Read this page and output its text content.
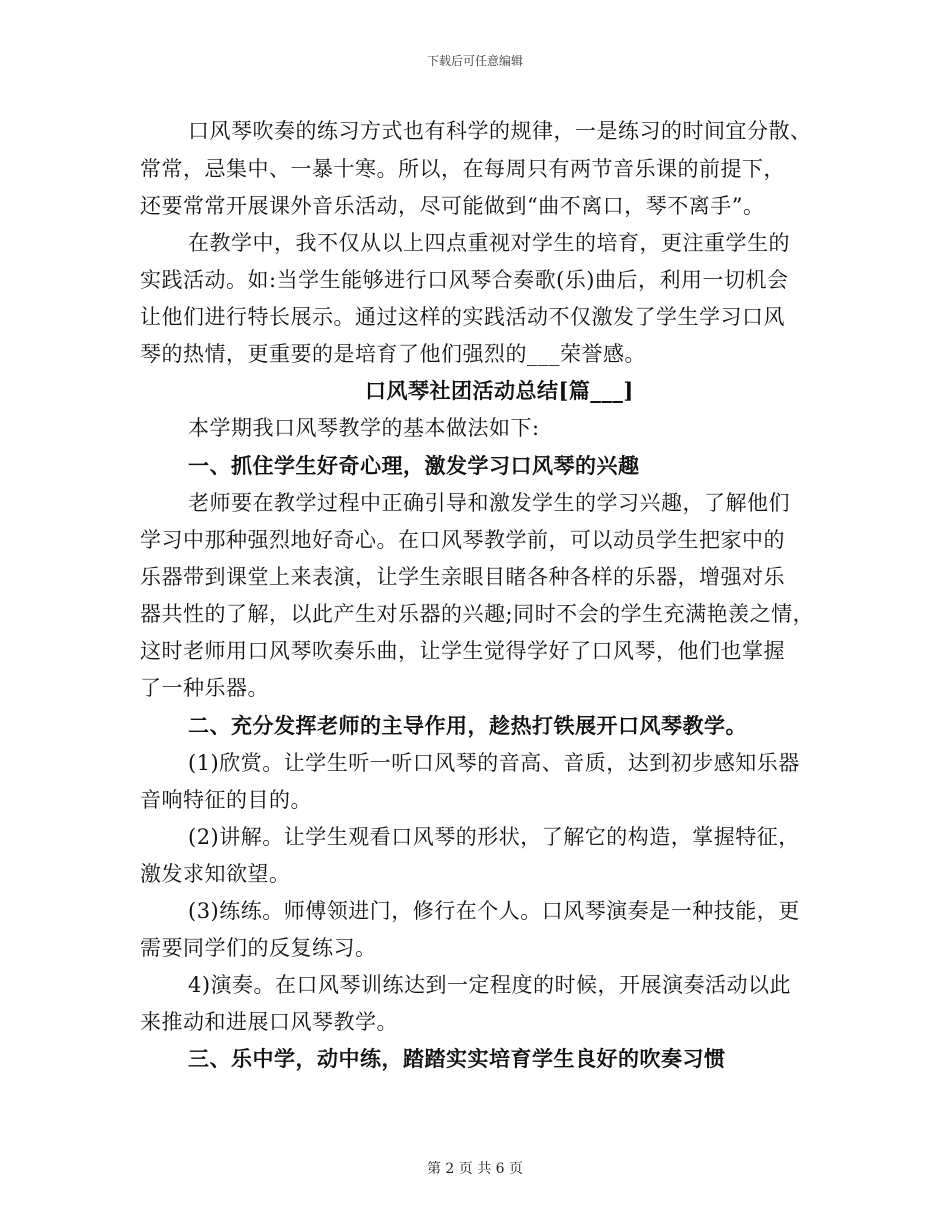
下载后可任意编辑
口风琴吹奏的练习方式也有科学的规律，一是练习的时间宜分散、
常常，忌集中、一暴十寒。所以，在每周只有两节音乐课的前提下，
还要常常开展课外音乐活动，尽可能做到“曲不离口，琴不离手”。
在教学中，我不仅从以上四点重视对学生的培育，更注重学生的
实践活动。如:当学生能够进行口风琴合奏歌(乐)曲后，利用一切机会
让他们进行特长展示。通过这样的实践活动不仅激发了学生学习口风
琴的热情，更重要的是培育了他们强烈的___荣誉感。
口风琴社团活动总结[篇___]
本学期我口风琴教学的基本做法如下:
一、抓住学生好奇心理，激发学习口风琴的兴趣
老师要在教学过程中正确引导和激发学生的学习兴趣，了解他们
学习中那种强烈地好奇心。在口风琴教学前，可以动员学生把家中的
乐器带到课堂上来表演，让学生亲眼目睹各种各样的乐器，增强对乐
器共性的了解，以此产生对乐器的兴趣;同时不会的学生充满艳羡之情，
这时老师用口风琴吹奏乐曲，让学生觉得学好了口风琴，他们也掌握
了一种乐器。
二、充分发挥老师的主导作用，趁热打铁展开口风琴教学。
(1)欣赏。让学生听一听口风琴的音高、音质，达到初步感知乐器
音响特征的目的。
(2)讲解。让学生观看口风琴的形状，了解它的构造，掌握特征，
激发求知欲望。
(3)练练。师傅领进门，修行在个人。口风琴演奏是一种技能，更
需要同学们的反复练习。
4)演奏。在口风琴训练达到一定程度的时候，开展演奏活动以此
来推动和进展口风琴教学。
三、乐中学，动中练，踏踏实实培育学生良好的吹奏习惯
第 2 页 共 6 页
